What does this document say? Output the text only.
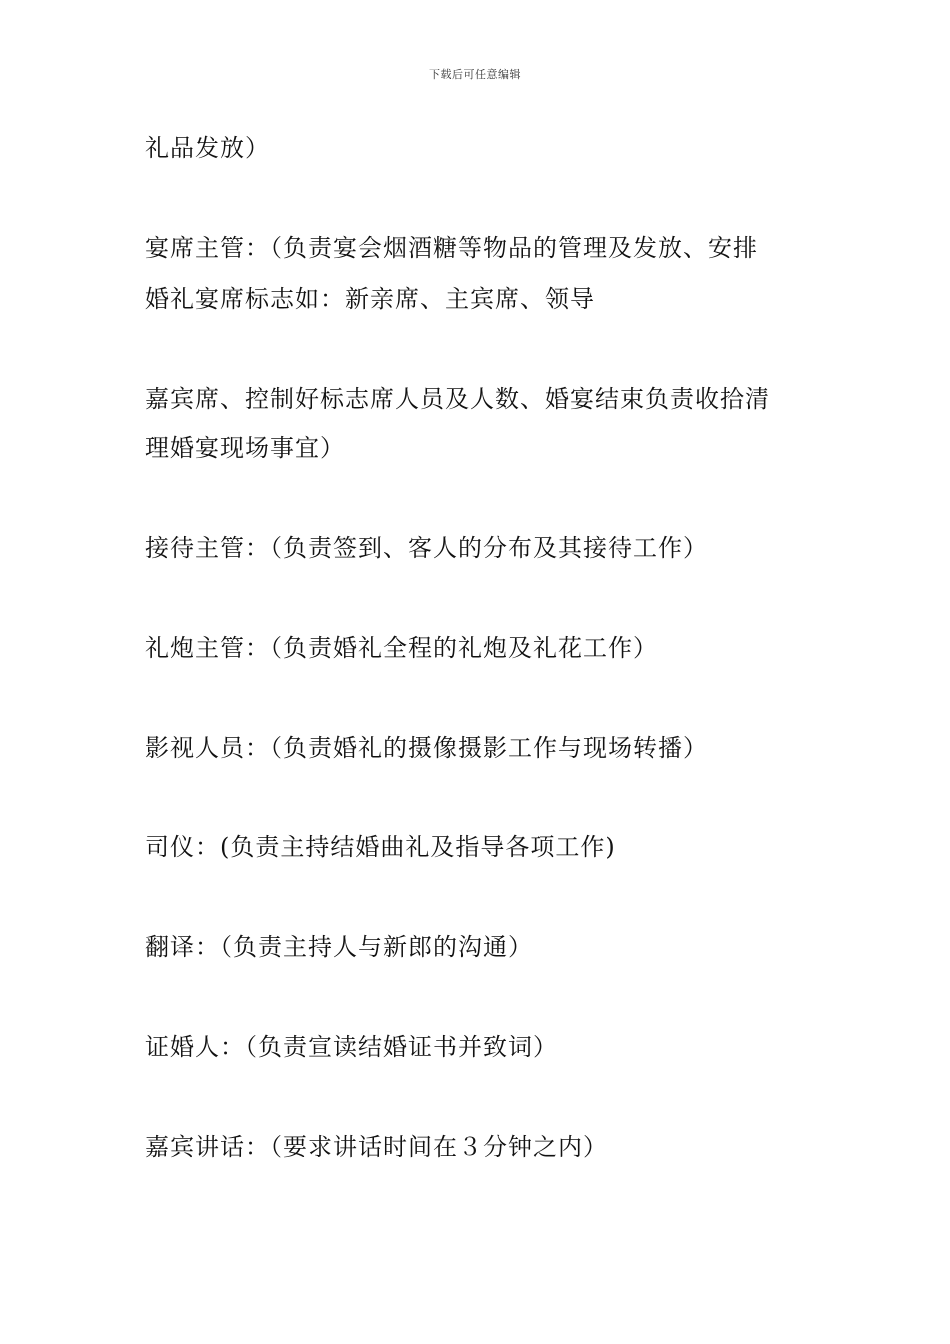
下载后可任意编辑
礼品发放）
宴席主管：（负责宴会烟酒糖等物品的管理及发放、安排
婚礼宴席标志如：新亲席、主宾席、领导
嘉宾席、控制好标志席人员及人数、婚宴结束负责收拾清
理婚宴现场事宜）
接待主管：（负责签到、客人的分布及其接待工作）
礼炮主管：（负责婚礼全程的礼炮及礼花工作）
影视人员：（负责婚礼的摄像摄影工作与现场转播）
司仪：(负责主持结婚曲礼及指导各项工作)
翻译：（负责主持人与新郎的沟通）
证婚人：（负责宣读结婚证书并致词）
嘉宾讲话：（要求讲话时间在３分钟之内）
